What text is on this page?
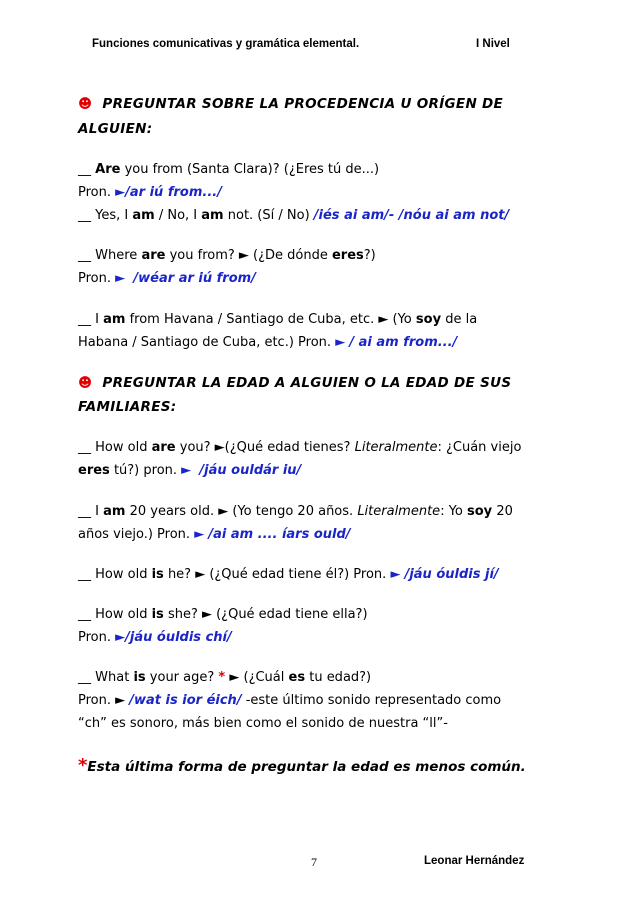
Funciones comunicativas y gramática elemental.	I Nivel
☻ PREGUNTAR SOBRE LA PROCEDENCIA U ORÍGEN DE
ALGUIEN:
__ Are you from (Santa Clara)? (¿Eres tú de...)
Pron. ►/ar iú from.../
__ Yes, I am / No, I am not. (Sí / No) /iés ai am/- /nóu ai am not/
__ Where are you from? ► (¿De dónde eres?)
Pron. ► /wéar ar iú from/
__ I am from Havana / Santiago de Cuba, etc. ► (Yo soy de la
Habana / Santiago de Cuba, etc.) Pron. ► / ai am from.../
☻ PREGUNTAR LA EDAD A ALGUIEN O LA EDAD DE SUS
FAMILIARES:
__ How old are you? ►(¿Qué edad tienes? Literalmente: ¿Cuán viejo
eres tú?) pron. ► /jáu ouldár iu/
__ I am 20 years old. ► (Yo tengo 20 años. Literalmente: Yo soy 20
años viejo.) Pron. ► /ai am .... íars ould/
__ How old is he? ► (¿Qué edad tiene él?) Pron. ► /jáu óuldis jí/
__ How old is she? ► (¿Qué edad tiene ella?)
Pron. ►/jáu óuldis chí/
__ What is your age? * ► (¿Cuál es tu edad?)
Pron. ► /wat is ior éich/ -este último sonido representado como
“ch” es sonoro, más bien como el sonido de nuestra “ll”-
*Esta última forma de preguntar la edad es menos común.
7	Leonar Hernández
